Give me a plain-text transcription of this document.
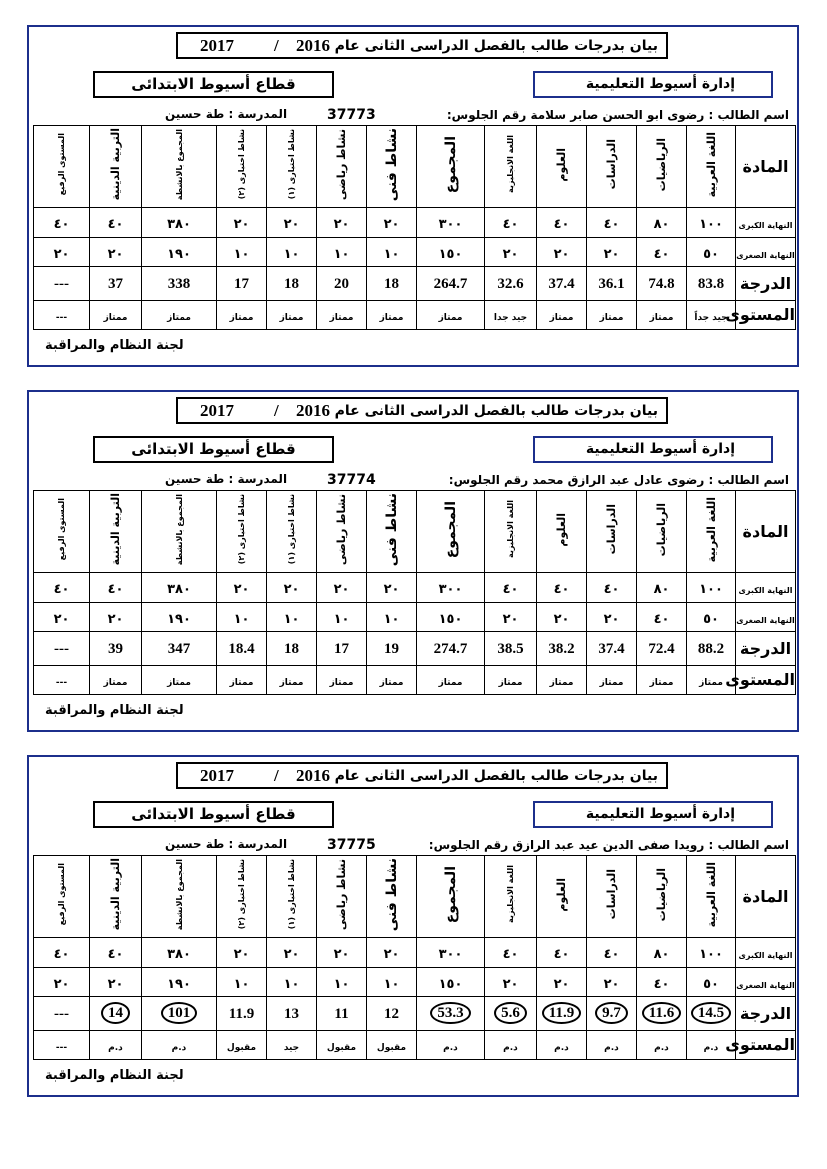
2017 / 2016 بيان بدرجات طالب بالفصل الدراسى الثانى عام
قطاع أسيوط الابتدائى	إدارة أسيوط التعليمية
اسم الطالب : رضوى ابو الحسن صابر سلامة رقم الجلوس:
37773
المدرسة : طة حسين
المادة	اللغة العربية	الرياضيات	الدراسات	العلوم	اللغة الانجليزية	المجموع	نشاط فنى	نشاط رياضى	نشاط اختيارى (١)	نشاط اختيارى (٢)	المجموع بالانشطة	التربية الدينية	المستوى الرفيع
النهاية الكبرى	١٠٠	٨٠	٤٠	٤٠	٤٠	٣٠٠	٢٠	٢٠	٢٠	٢٠	٣٨٠	٤٠	٤٠
النهاية الصغرى	٥٠	٤٠	٢٠	٢٠	٢٠	١٥٠	١٠	١٠	١٠	١٠	١٩٠	٢٠	٢٠
الدرجة	83.8	74.8	36.1	37.4	32.6	264.7	18	20	18	17	338	37	---
المستوى	جيد جداً	ممتاز	ممتاز	ممتاز	جيد جدا	ممتاز	ممتاز	ممتاز	ممتاز	ممتاز	ممتاز	ممتاز	---
لجنة النظام والمراقبة
2017 / 2016 بيان بدرجات طالب بالفصل الدراسى الثانى عام
قطاع أسيوط الابتدائى	إدارة أسيوط التعليمية
اسم الطالب : رضوى عادل عبد الرازق محمد رقم الجلوس:
37774
المدرسة : طة حسين
المادة	اللغة العربية	الرياضيات	الدراسات	العلوم	اللغة الانجليزية	المجموع	نشاط فنى	نشاط رياضى	نشاط اختيارى (١)	نشاط اختيارى (٢)	المجموع بالانشطة	التربية الدينية	المستوى الرفيع
النهاية الكبرى	١٠٠	٨٠	٤٠	٤٠	٤٠	٣٠٠	٢٠	٢٠	٢٠	٢٠	٣٨٠	٤٠	٤٠
النهاية الصغرى	٥٠	٤٠	٢٠	٢٠	٢٠	١٥٠	١٠	١٠	١٠	١٠	١٩٠	٢٠	٢٠
الدرجة	88.2	72.4	37.4	38.2	38.5	274.7	19	17	18	18.4	347	39	---
المستوى	ممتاز	ممتاز	ممتاز	ممتاز	ممتاز	ممتاز	ممتاز	ممتاز	ممتاز	ممتاز	ممتاز	ممتاز	---
لجنة النظام والمراقبة
2017 / 2016 بيان بدرجات طالب بالفصل الدراسى الثانى عام
قطاع أسيوط الابتدائى	إدارة أسيوط التعليمية
اسم الطالب : رويدا صفى الدين عيد عبد الرازق رقم الجلوس:
37775
المدرسة : طة حسين
المادة	اللغة العربية	الرياضيات	الدراسات	العلوم	اللغة الانجليزية	المجموع	نشاط فنى	نشاط رياضى	نشاط اختيارى (١)	نشاط اختيارى (٢)	المجموع بالانشطة	التربية الدينية	المستوى الرفيع
النهاية الكبرى	١٠٠	٨٠	٤٠	٤٠	٤٠	٣٠٠	٢٠	٢٠	٢٠	٢٠	٣٨٠	٤٠	٤٠
النهاية الصغرى	٥٠	٤٠	٢٠	٢٠	٢٠	١٥٠	١٠	١٠	١٠	١٠	١٩٠	٢٠	٢٠
الدرجة	14.5	11.6	9.7	11.9	5.6	53.3	12	11	13	11.9	101	14	---
المستوى	د.م	د.م	د.م	د.م	د.م	د.م	مقبول	مقبول	جيد	مقبول	د.م	د.م	---
لجنة النظام والمراقبة
